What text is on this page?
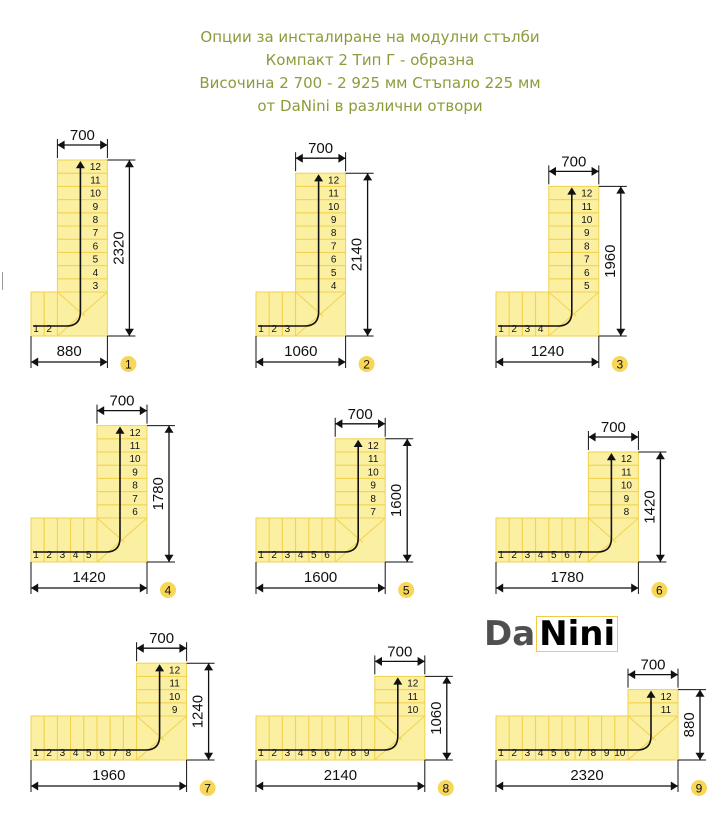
Опции за инсталиране на модулни стълби
Компакт 2 Тип Г - образна
Височина 2 700 - 2 925 мм Стъпало 225 мм
от DaNini в различни отвори
1 2
3
4
5
6
7
8
9
10
11
12
700
2320
880
1
1 2 3
4
5
6
7
8
9
10
11
12
700
2140
1060
2
1 2 3 4
5
6
7
8
9
10
11
12
700
1960
1240
3
1 2 3 4 5
6
7
8
9
10
11
12
700
1780
1420
4
1 2 3 4 5 6
7
8
9
10
11
12
700
1600
1600
5
1 2 3 4 5 6 7
8
9
10
11
12
700
1420
1780
6
1 2 3 4 5 6 7 8
9
10
11
12
700
1240
1960
7
1 2 3 4 5 6 7 8 9
10
11
12
700
1060
2140
8
1 2 3 4 5 6 7 8 9 10
11
12
700
880
2320
9
Da Nini
